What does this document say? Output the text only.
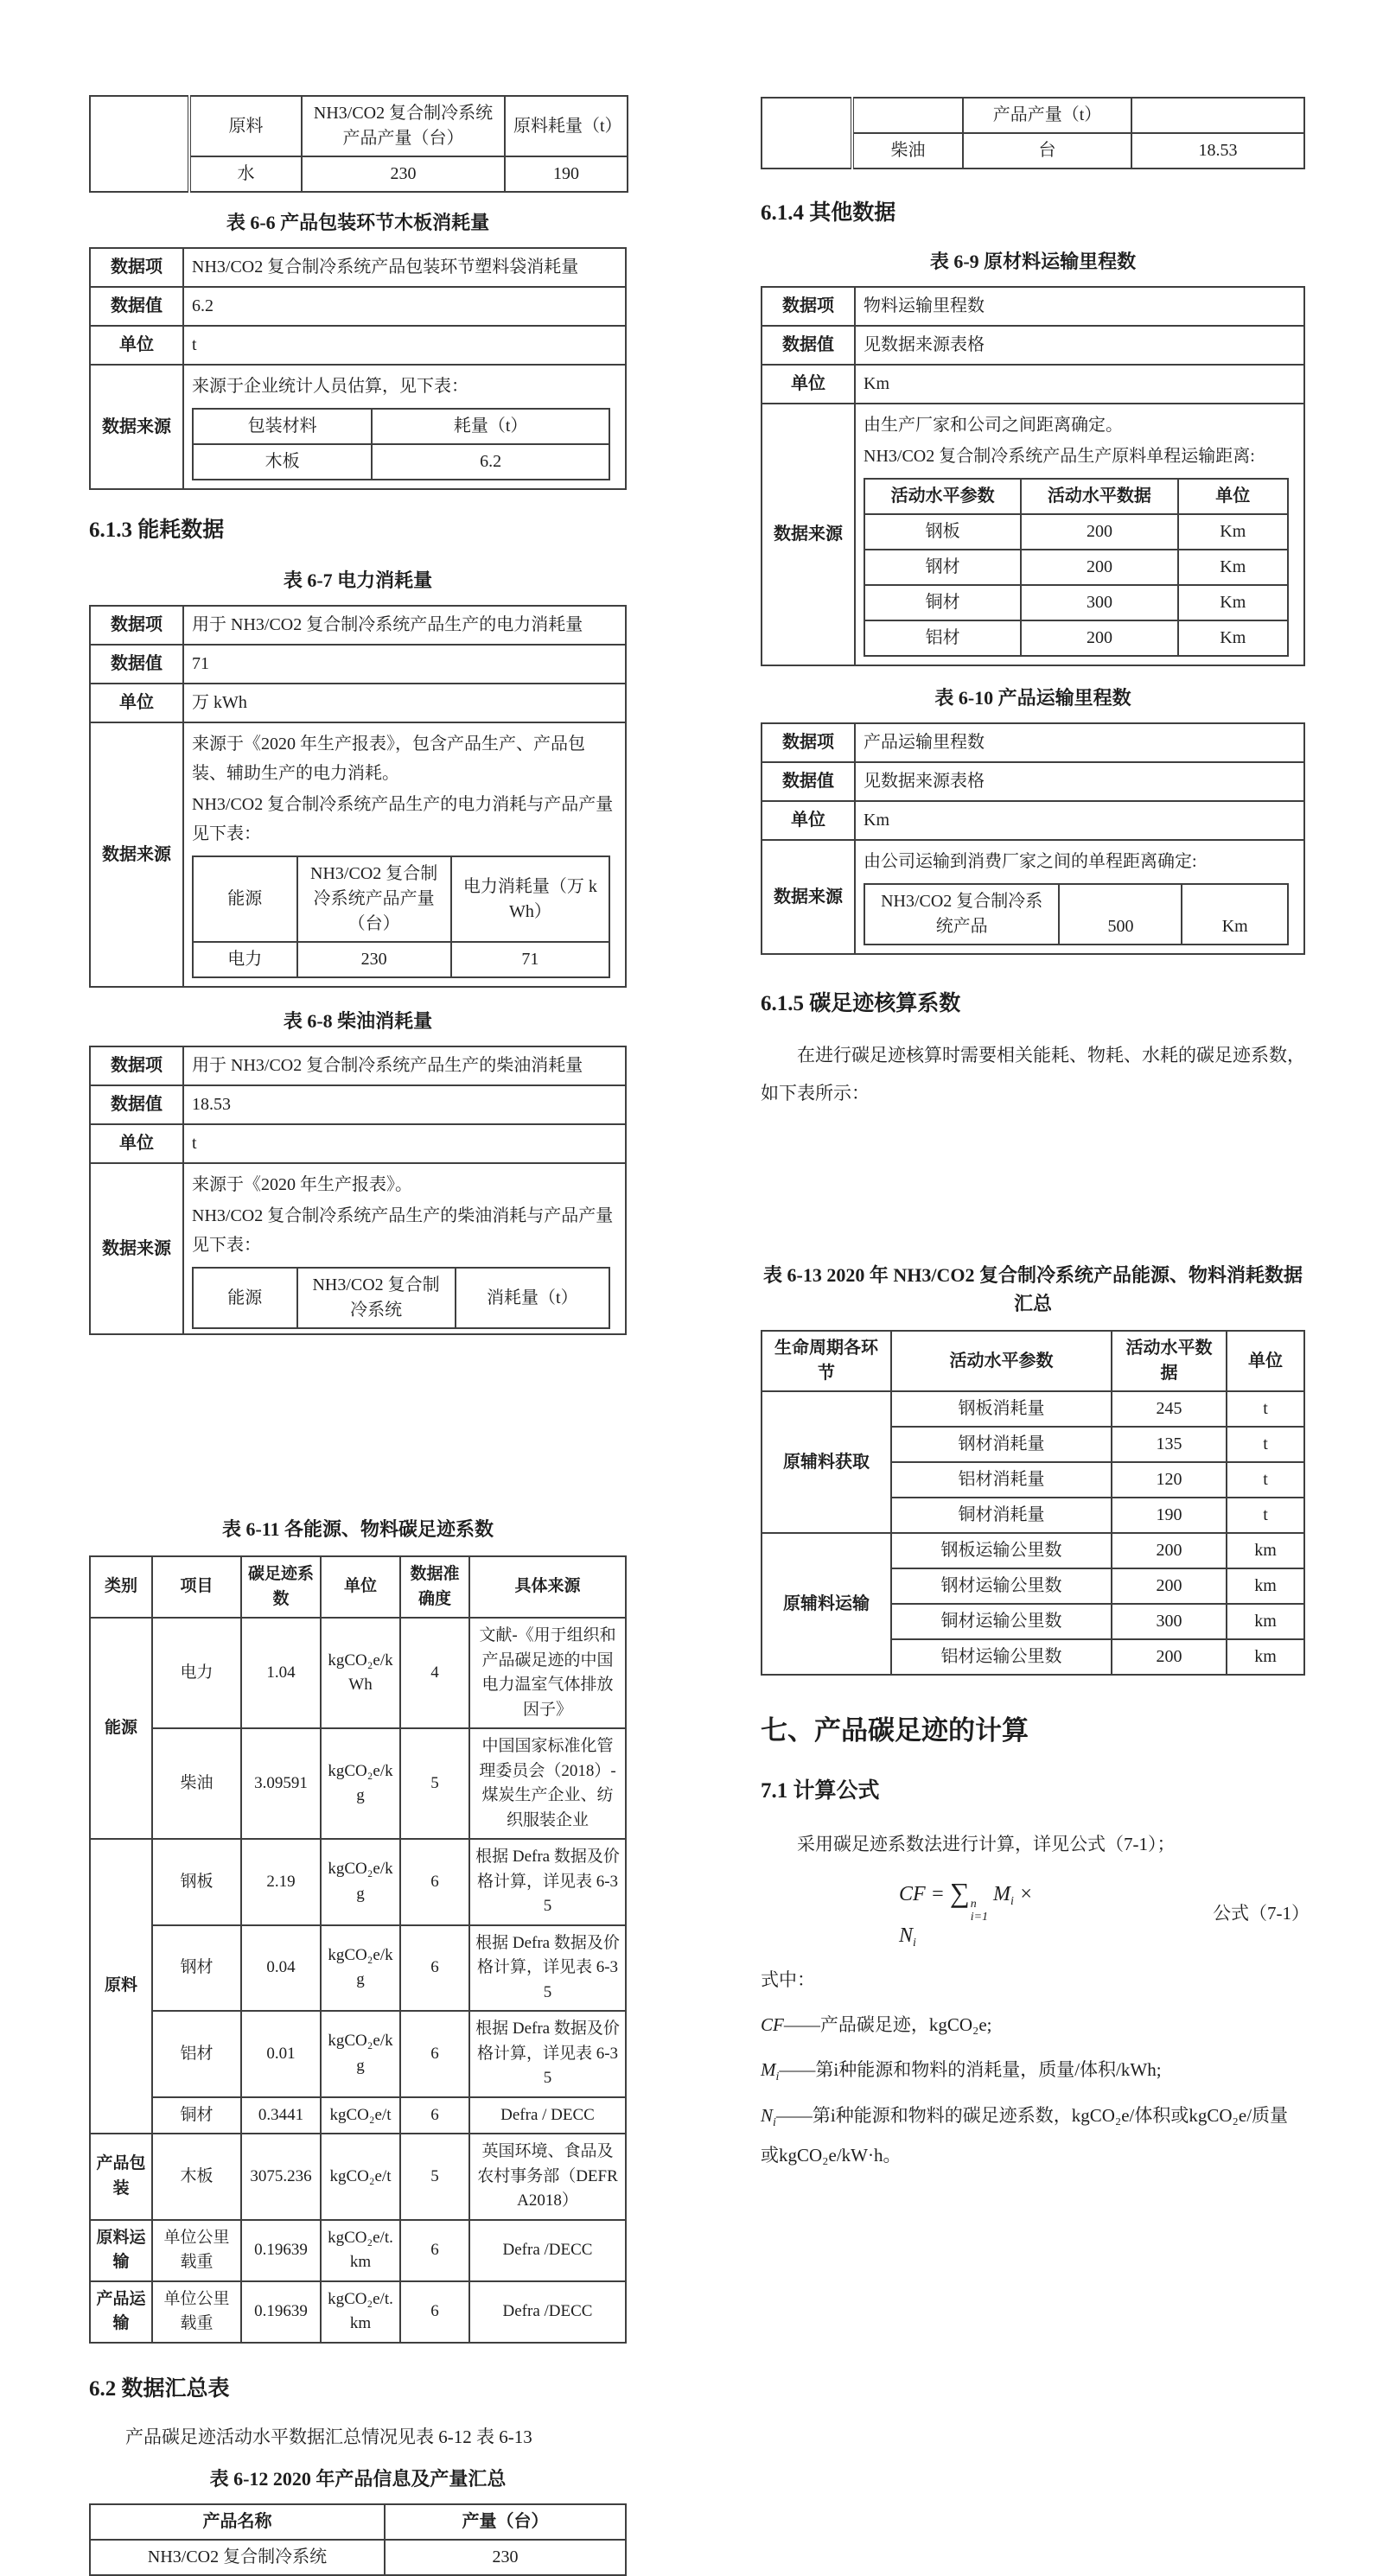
	原料	NH3/CO2 复合制冷系统产品产量（台）	原料耗量（t）
	水	230	190
表 6-6 产品包装环节木板消耗量
数据项	NH3/CO2 复合制冷系统产品包装环节塑料袋消耗量
数据值	6.2
单位	t
数据来源	
来源于企业统计人员估算，见下表：
包装材料	耗量（t）
木板	6.2
6.1.3 能耗数据
表 6-7 电力消耗量
数据项	用于 NH3/CO2 复合制冷系统产品生产的电力消耗量
数据值	71
单位	万 kWh
数据来源	
来源于《2020 年生产报表》，包含产品生产、产品包装、辅助生产的电力消耗。
NH3/CO2 复合制冷系统产品生产的电力消耗与产品产量见下表：
能源	NH3/CO2 复合制冷系统产品产量（台）	电力消耗量（万 kWh）
电力	230	71
表 6-8 柴油消耗量
数据项	用于 NH3/CO2 复合制冷系统产品生产的柴油消耗量
数据值	18.53
单位	t
数据来源	
来源于《2020 年生产报表》。
NH3/CO2 复合制冷系统产品生产的柴油消耗与产品产量见下表：
能源	NH3/CO2 复合制冷系统	消耗量（t）
表 6-11 各能源、物料碳足迹系数
类别	项目	碳足迹系数	单位	数据准确度	具体来源
能源	电力	1.04	kgCO₂e/kWh	4	文献-《用于组织和产品碳足迹的中国电力温室气体排放因子》
	柴油	3.09591	kgCO₂e/kg	5	中国国家标准化管理委员会（2018）-煤炭生产企业、纺织服装企业
原料	钢板	2.19	kgCO₂e/kg	6	根据 Defra 数据及价格计算，详见表 6-35
	钢材	0.04	kgCO₂e/kg	6	根据 Defra 数据及价格计算，详见表 6-35
	铝材	0.01	kgCO₂e/kg	6	根据 Defra 数据及价格计算，详见表 6-35
	铜材	0.3441	kgCO₂e/t	6	Defra / DECC
产品包装	木板	3075.236	kgCO₂e/t	5	英国环境、食品及农村事务部（DEFRA2018）
原料运输	单位公里载重	0.19639	kgCO₂e/t.km	6	Defra /DECC
产品运输	单位公里载重	0.19639	kgCO₂e/t.km	6	Defra /DECC
6.2 数据汇总表

产品碳足迹活动水平数据汇总情况见表 6-12 表 6-13

表 6-12 2020 年产品信息及产量汇总
产品名称	产量（台）
NH3/CO2 复合制冷系统	230
		产品产量（t）	
	柴油	台	18.53
6.1.4 其他数据
表 6-9 原材料运输里程数
数据项	物料运输里程数
数据值	见数据来源表格
单位	Km
数据来源	
由生产厂家和公司之间距离确定。
NH3/CO2 复合制冷系统产品生产原料单程运输距离:
活动水平参数	活动水平数据	单位
钢板	200	Km
钢材	200	Km
铜材	300	Km
铝材	200	Km
表 6-10 产品运输里程数
数据项	产品运输里程数
数据值	见数据来源表格
单位	Km
数据来源	
由公司运输到消费厂家之间的单程距离确定:
NH3/CO2 复合制冷系统产品	500	Km
6.1.5 碳足迹核算系数

在进行碳足迹核算时需要相关能耗、物耗、水耗的碳足迹系数，如下表所示：

表 6-13 2020 年 NH3/CO2 复合制冷系统产品能源、物料消耗数据
汇总
生命周期各环节	活动水平参数	活动水平数据	单位
原辅料获取	钢板消耗量	245	t
	钢材消耗量	135	t
	铝材消耗量	120	t
	铜材消耗量	190	t
原辅料运输	钢板运输公里数	200	km
	钢材运输公里数	200	km
	铜材运输公里数	300	km
	铝材运输公里数	200	km
七、产品碳足迹的计算
7.1 计算公式

采用碳足迹系数法进行计算，详见公式（7-1）；

CF = ∑ n
i=1
$M_i \times N_i$
公式（7-1）

式中：

CF——产品碳足迹，kgCO₂e;

$M_i——$第i种能源和物料的消耗量，质量/体积/kWh;

$N_i——$第i种能源和物料的碳足迹系数，kgCO₂e/体积或kgCO₂e/质量或kgCO₂e/kW·h。
